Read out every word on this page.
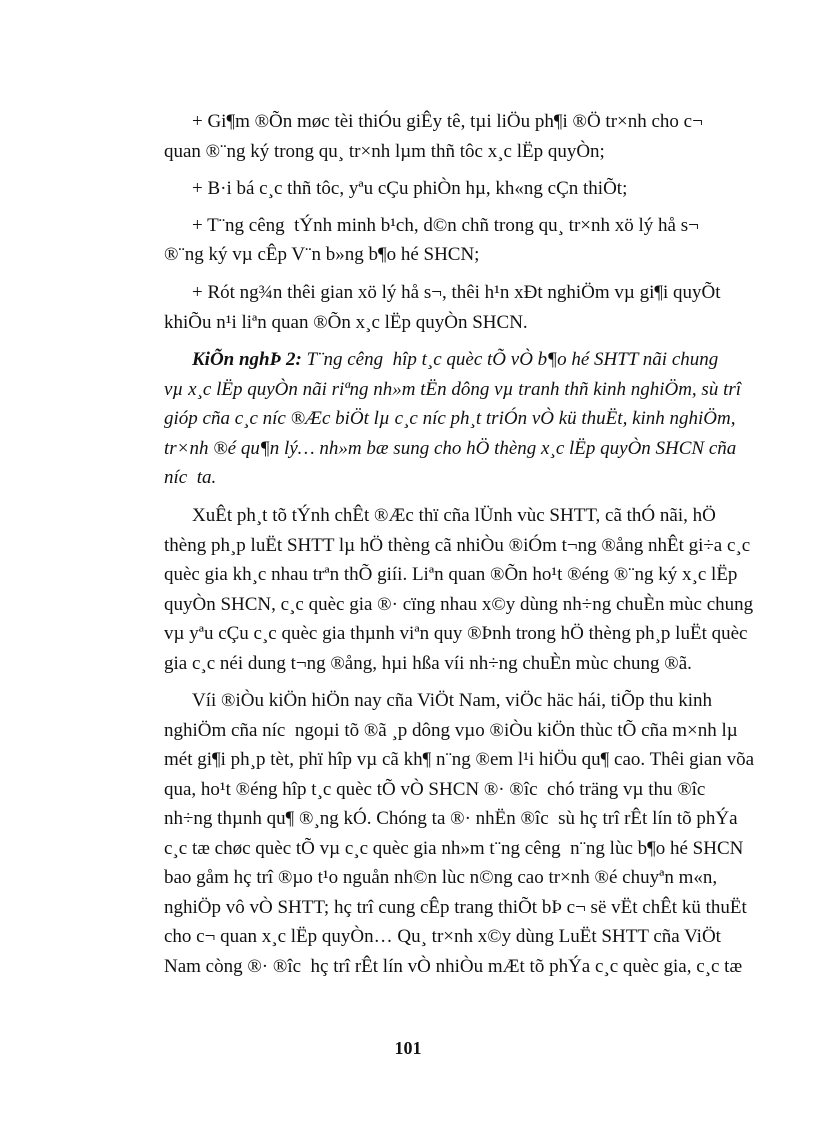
+ Gi¶m ®Õn møc tèi thiÓu giÊy tê, tµi liÖu ph¶i ®Ö tr×nh cho c¬
quan ®¨ng ký trong qu¸ tr×nh lµm thñ tôc x¸c lËp quyÒn;
+ B·i bá c¸c thñ tôc, yªu cÇu phiÒn hµ, kh«ng cÇn thiÕt;
+ T¨ng cêng  tÝnh minh b¹ch, d©n chñ trong qu¸ tr×nh xö lý hå s¬
®¨ng ký vµ cÊp V¨n b»ng b¶o hé SHCN;
+ Rót ng¾n thêi gian xö lý hå s¬, thêi h¹n xÐt nghiÖm vµ gi¶i quyÕt
khiÕu n¹i liªn quan ®Õn x¸c lËp quyÒn SHCN.
KiÕn nghÞ 2: T¨ng cêng  hîp t¸c quèc tÕ vÒ b¶o hé SHTT nãi chung
vµ x¸c lËp quyÒn nãi riªng nh»m tËn dông vµ tranh thñ kinh nghiÖm, sù trî
gióp cña c¸c níc ®Æc biÖt lµ c¸c níc ph¸t triÓn vÒ kü thuËt, kinh nghiÖm,
tr×nh ®é qu¶n lý… nh»m bæ sung cho hÖ thèng x¸c lËp quyÒn SHCN cña
níc  ta.
XuÊt ph¸t tõ tÝnh chÊt ®Æc thï cña lÜnh vùc SHTT, cã thÓ nãi, hÖ
thèng ph¸p luËt SHTT lµ hÖ thèng cã nhiÒu ®iÓm t¬ng ®ång nhÊt gi÷a c¸c
quèc gia kh¸c nhau trªn thÕ giíi. Liªn quan ®Õn ho¹t ®éng ®¨ng ký x¸c lËp
quyÒn SHCN, c¸c quèc gia ®· cïng nhau x©y dùng nh÷ng chuÈn mùc chung
vµ yªu cÇu c¸c quèc gia thµnh viªn quy ®Þnh trong hÖ thèng ph¸p luËt quèc
gia c¸c néi dung t¬ng ®ång, hµi hßa víi nh÷ng chuÈn mùc chung ®ã.
Víi ®iÒu kiÖn hiÖn nay cña ViÖt Nam, viÖc häc hái, tiÕp thu kinh
nghiÖm cña níc  ngoµi tõ ®ã ¸p dông vµo ®iÒu kiÖn thùc tÕ cña m×nh lµ
mét gi¶i ph¸p tèt, phï hîp vµ cã kh¶ n¨ng ®em l¹i hiÖu qu¶ cao. Thêi gian võa
qua, ho¹t ®éng hîp t¸c quèc tÕ vÒ SHCN ®· ®îc  chó träng vµ thu ®îc
nh÷ng thµnh qu¶ ®¸ng kÓ. Chóng ta ®· nhËn ®îc  sù hç trî rÊt lín tõ phÝa
c¸c tæ chøc quèc tÕ vµ c¸c quèc gia nh»m t¨ng cêng  n¨ng lùc b¶o hé SHCN
bao gåm hç trî ®µo t¹o nguån nh©n lùc n©ng cao tr×nh ®é chuyªn m«n,
nghiÖp vô vÒ SHTT; hç trî cung cÊp trang thiÕt bÞ c¬ së vËt chÊt kü thuËt
cho c¬ quan x¸c lËp quyÒn… Qu¸ tr×nh x©y dùng LuËt SHTT cña ViÖt
Nam còng ®· ®îc  hç trî rÊt lín vÒ nhiÒu mÆt tõ phÝa c¸c quèc gia, c¸c tæ
101
